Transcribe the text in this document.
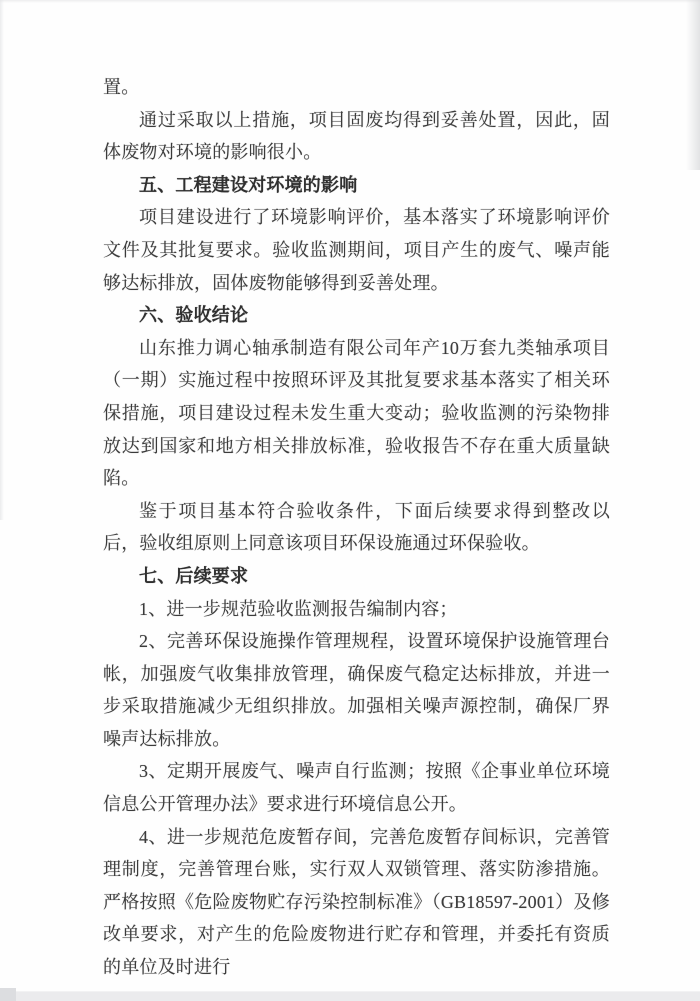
置。

通过采取以上措施，项目固废均得到妥善处置，因此，固体废物对环境的影响很小。

五、工程建设对环境的影响

项目建设进行了环境影响评价，基本落实了环境影响评价文件及其批复要求。验收监测期间，项目产生的废气、噪声能够达标排放，固体废物能够得到妥善处理。

六、验收结论

山东推力调心轴承制造有限公司年产10万套九类轴承项目（一期）实施过程中按照环评及其批复要求基本落实了相关环保措施，项目建设过程未发生重大变动；验收监测的污染物排放达到国家和地方相关排放标准，验收报告不存在重大质量缺陷。

鉴于项目基本符合验收条件，下面后续要求得到整改以后，验收组原则上同意该项目环保设施通过环保验收。

七、后续要求

1、进一步规范验收监测报告编制内容；

2、完善环保设施操作管理规程，设置环境保护设施管理台帐，加强废气收集排放管理，确保废气稳定达标排放，并进一步采取措施减少无组织排放。加强相关噪声源控制，确保厂界噪声达标排放。

3、定期开展废气、噪声自行监测；按照《企事业单位环境信息公开管理办法》要求进行环境信息公开。

4、进一步规范危废暂存间，完善危废暂存间标识，完善管理制度，完善管理台账，实行双人双锁管理、落实防渗措施。严格按照《危险废物贮存污染控制标准》（GB18597-2001）及修改单要求，对产生的危险废物进行贮存和管理，并委托有资质的单位及时进行
